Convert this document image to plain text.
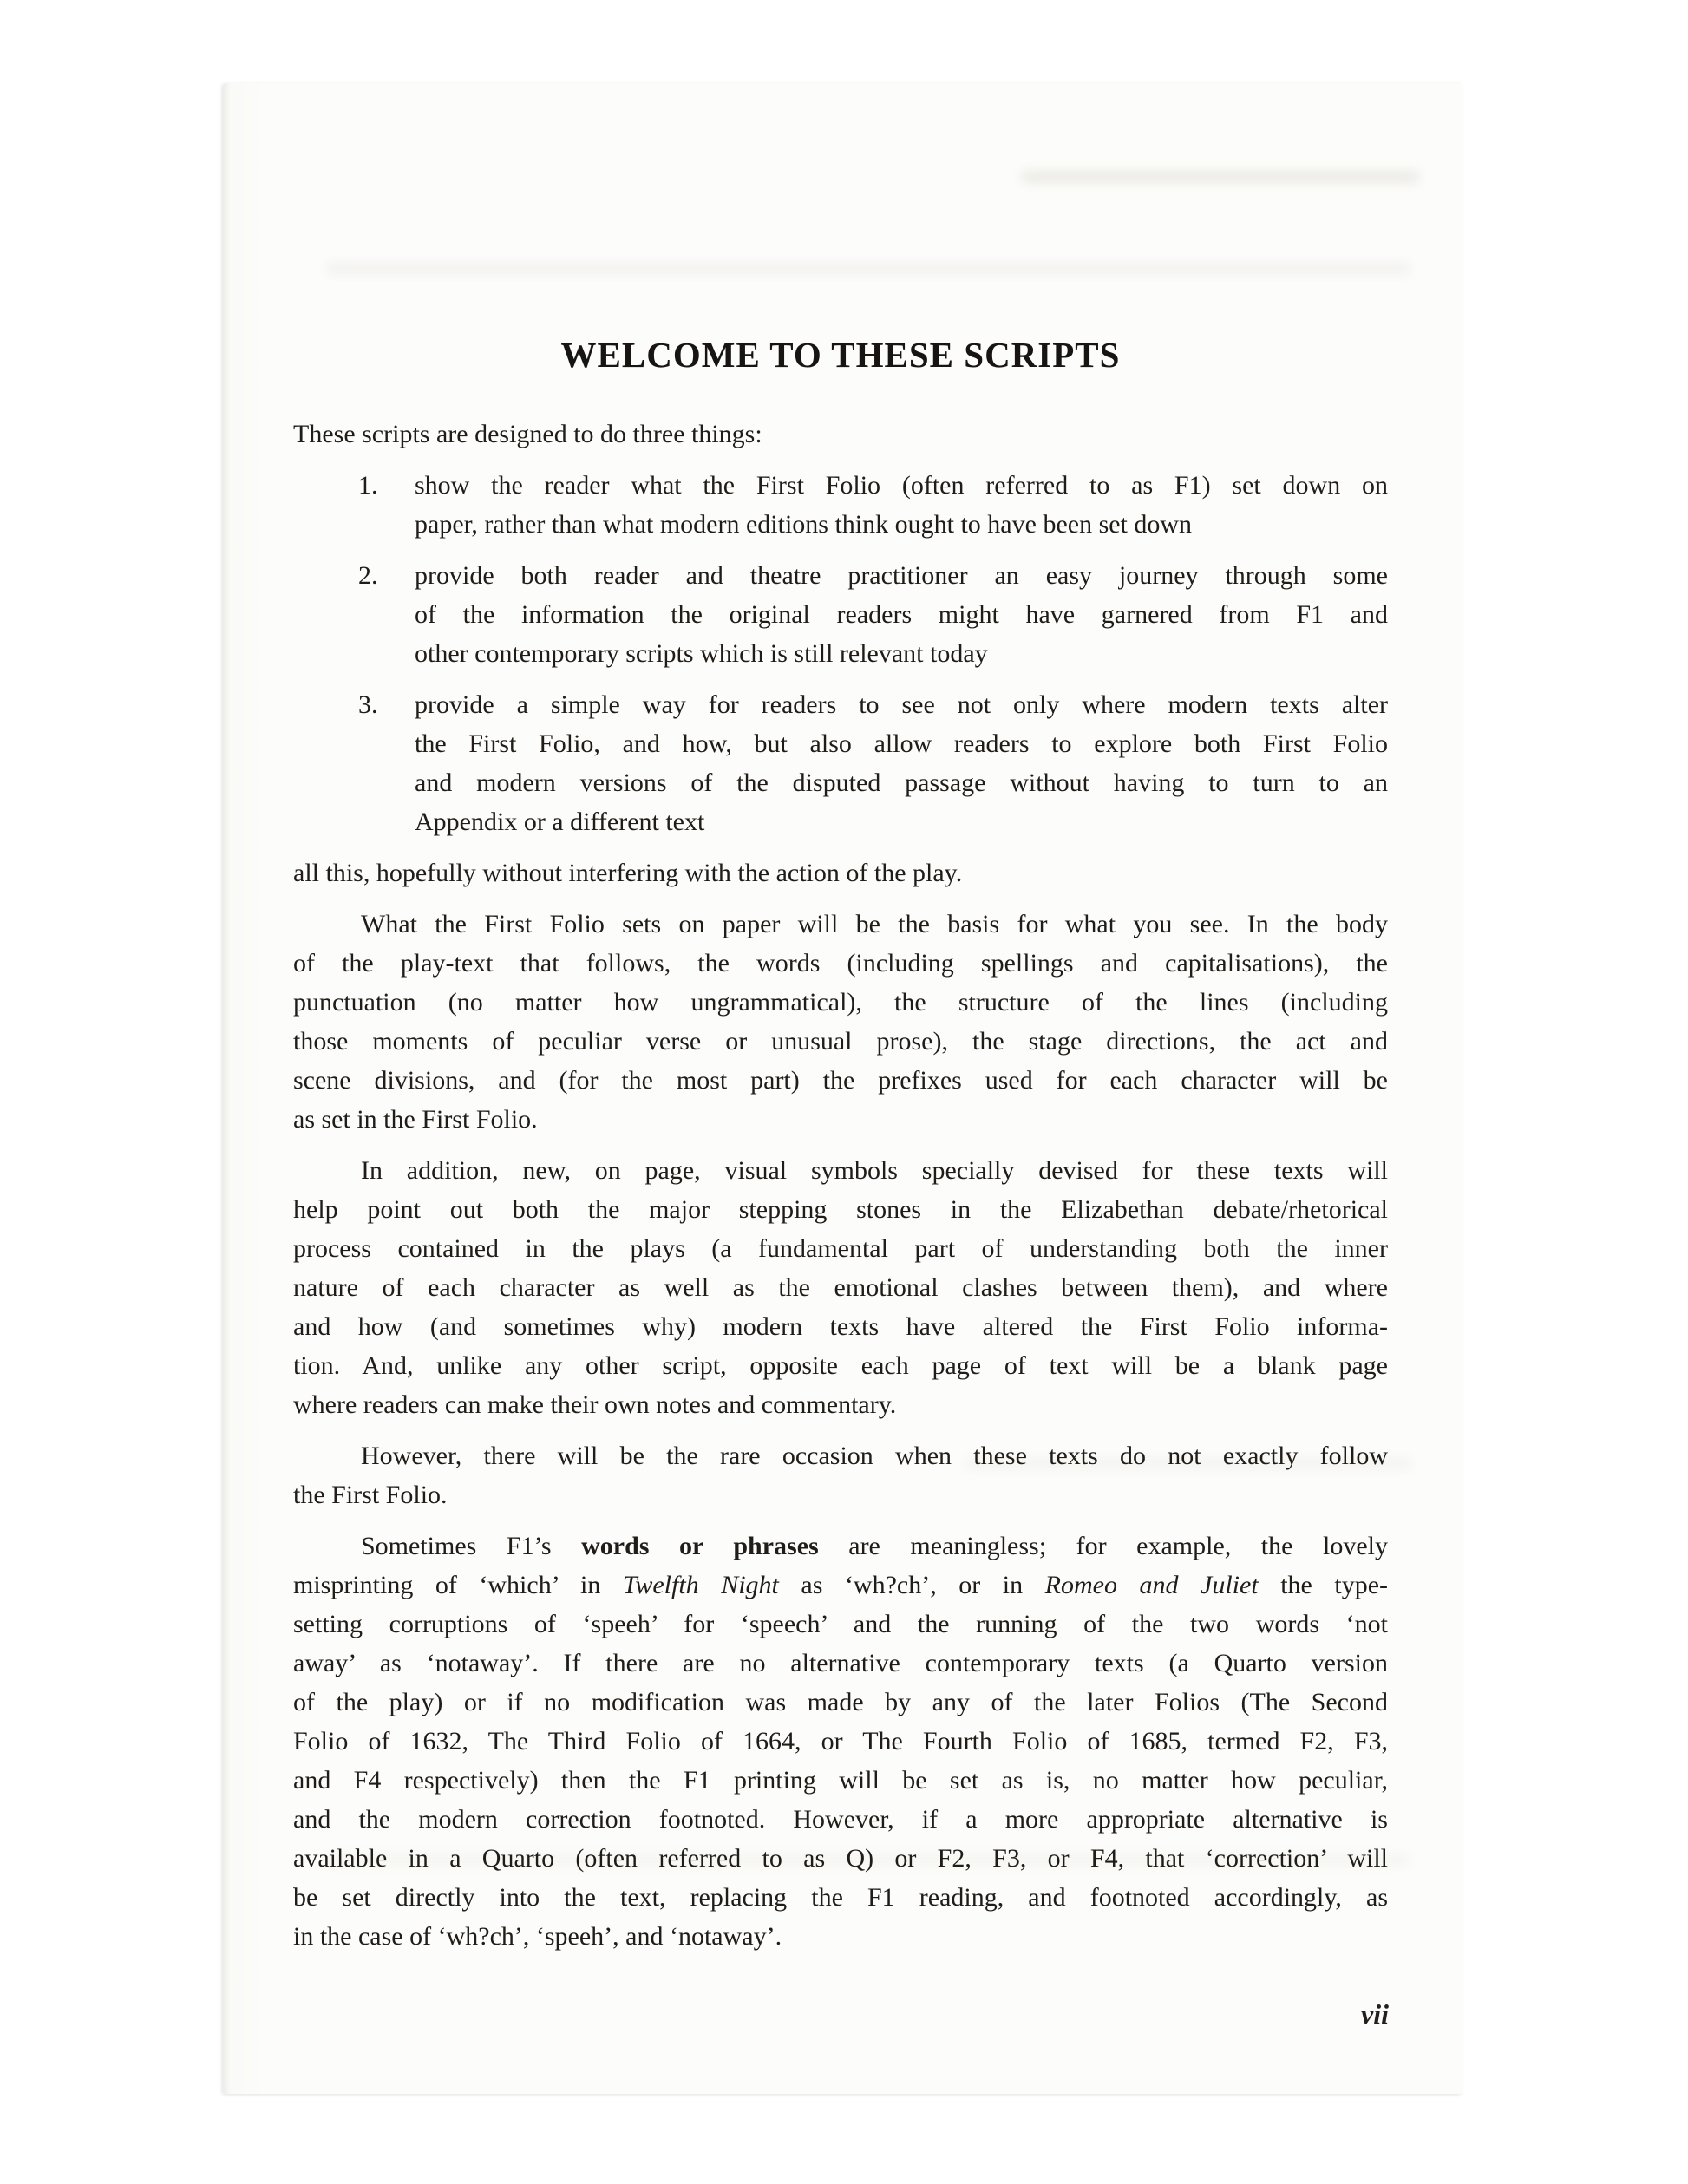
WELCOME TO THESE SCRIPTS
These scripts are designed to do three things:
1. show the reader what the First Folio (often referred to as F1) set down on
paper, rather than what modern editions think ought to have been set down
2. provide both reader and theatre practitioner an easy journey through some
of the information the original readers might have garnered from F1 and
other contemporary scripts which is still relevant today
3. provide a simple way for readers to see not only where modern texts alter
the First Folio, and how, but also allow readers to explore both First Folio
and modern versions of the disputed passage without having to turn to an
Appendix or a different text
all this, hopefully without interfering with the action of the play.
What the First Folio sets on paper will be the basis for what you see. In the body
of the play-text that follows, the words (including spellings and capitalisations), the
punctuation (no matter how ungrammatical), the structure of the lines (including
those moments of peculiar verse or unusual prose), the stage directions, the act and
scene divisions, and (for the most part) the prefixes used for each character will be
as set in the First Folio.
In addition, new, on page, visual symbols specially devised for these texts will
help point out both the major stepping stones in the Elizabethan debate/rhetorical
process contained in the plays (a fundamental part of understanding both the inner
nature of each character as well as the emotional clashes between them), and where
and how (and sometimes why) modern texts have altered the First Folio informa-
tion. And, unlike any other script, opposite each page of text will be a blank page
where readers can make their own notes and commentary.
However, there will be the rare occasion when these texts do not exactly follow
the First Folio.
Sometimes F1’s words or phrases are meaningless; for example, the lovely
misprinting of ‘which’ in Twelfth Night as ‘wh?ch’, or in Romeo and Juliet the type-
setting corruptions of ‘speeh’ for ‘speech’ and the running of the two words ‘not
away’ as ‘notaway’. If there are no alternative contemporary texts (a Quarto version
of the play) or if no modification was made by any of the later Folios (The Second
Folio of 1632, The Third Folio of 1664, or The Fourth Folio of 1685, termed F2, F3,
and F4 respectively) then the F1 printing will be set as is, no matter how peculiar,
and the modern correction footnoted. However, if a more appropriate alternative is
available in a Quarto (often referred to as Q) or F2, F3, or F4, that ‘correction’ will
be set directly into the text, replacing the F1 reading, and footnoted accordingly, as
in the case of ‘wh?ch’, ‘speeh’, and ‘notaway’.
vii
